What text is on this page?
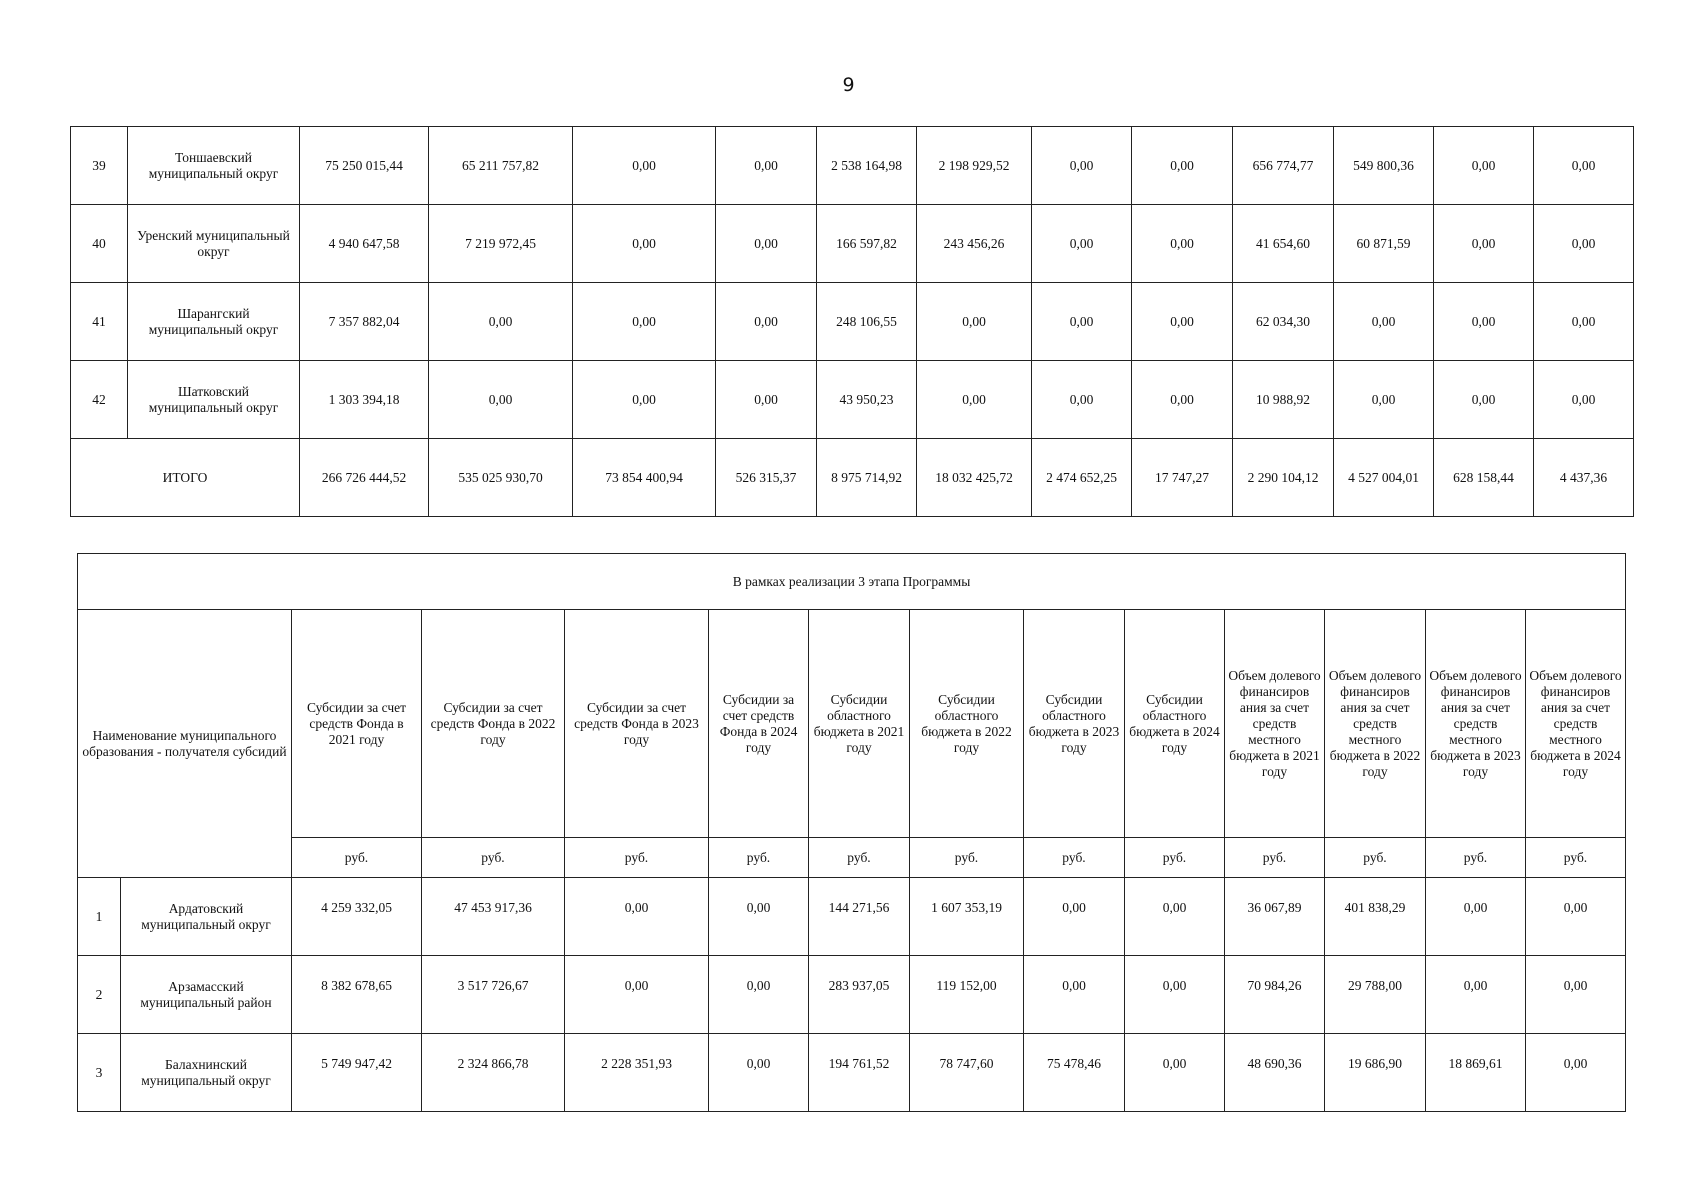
9
39	Тоншаевский муниципальный округ	75 250 015,44	65 211 757,82	0,00	0,00	2 538 164,98	2 198 929,52	0,00	0,00	656 774,77	549 800,36	0,00	0,00
40	Уренский муниципальный округ	4 940 647,58	7 219 972,45	0,00	0,00	166 597,82	243 456,26	0,00	0,00	41 654,60	60 871,59	0,00	0,00
41	Шарангский муниципальный округ	7 357 882,04	0,00	0,00	0,00	248 106,55	0,00	0,00	0,00	62 034,30	0,00	0,00	0,00
42	Шатковский муниципальный округ	1 303 394,18	0,00	0,00	0,00	43 950,23	0,00	0,00	0,00	10 988,92	0,00	0,00	0,00
ИТОГО		266 726 444,52	535 025 930,70	73 854 400,94	526 315,37	8 975 714,92	18 032 425,72	2 474 652,25	17 747,27	2 290 104,12	4 527 004,01	628 158,44	4 437,36
В рамках реализации 3 этапа Программы													
Наименование муниципального образования - получателя субсидий		Субсидии за счет средств Фонда в 2021 году	Субсидии за счет средств Фонда в 2022 году	Субсидии за счет средств Фонда в 2023 году	Субсидии за счет средств Фонда в 2024 году	Субсидии областного бюджета в 2021 году	Субсидии областного бюджета в 2022 году	Субсидии областного бюджета в 2023 году	Субсидии областного бюджета в 2024 году	Объем долевого финансиров ания за счет средств местного бюджета в 2021 году	Объем долевого финансиров ания за счет средств местного бюджета в 2022 году	Объем долевого финансиров ания за счет средств местного бюджета в 2023 году	Объем долевого финансиров ания за счет средств местного бюджета в 2024 году
		руб.	руб.	руб.	руб.	руб.	руб.	руб.	руб.	руб.	руб.	руб.	руб.
1	Ардатовский муниципальный округ	4 259 332,05	47 453 917,36	0,00	0,00	144 271,56	1 607 353,19	0,00	0,00	36 067,89	401 838,29	0,00	0,00
2	Арзамасский муниципальный район	8 382 678,65	3 517 726,67	0,00	0,00	283 937,05	119 152,00	0,00	0,00	70 984,26	29 788,00	0,00	0,00
3	Балахнинский муниципальный округ	5 749 947,42	2 324 866,78	2 228 351,93	0,00	194 761,52	78 747,60	75 478,46	0,00	48 690,36	19 686,90	18 869,61	0,00
